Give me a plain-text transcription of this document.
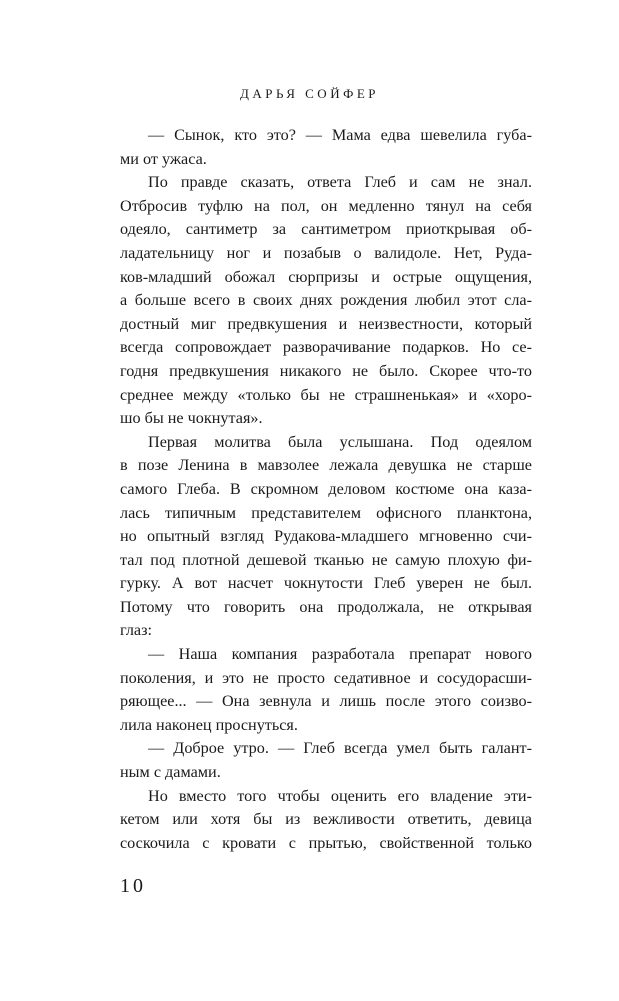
ДАРЬЯ СОЙФЕР
— Сынок, кто это? — Мама едва шевелила губа-
ми от ужаса.
По правде сказать, ответа Глеб и сам не знал.
Отбросив туфлю на пол, он медленно тянул на себя
одеяло, сантиметр за сантиметром приоткрывая об-
ладательницу ног и позабыв о валидоле. Нет, Руда-
ков-младший обожал сюрпризы и острые ощущения,
а больше всего в своих днях рождения любил этот сла-
достный миг предвкушения и неизвестности, который
всегда сопровождает разворачивание подарков. Но се-
годня предвкушения никакого не было. Скорее что-то
среднее между «только бы не страшненькая» и «хоро-
шо бы не чокнутая».
Первая молитва была услышана. Под одеялом
в позе Ленина в мавзолее лежала девушка не старше
самого Глеба. В скромном деловом костюме она каза-
лась типичным представителем офисного планктона,
но опытный взгляд Рудакова-младшего мгновенно счи-
тал под плотной дешевой тканью не самую плохую фи-
гурку. А вот насчет чокнутости Глеб уверен не был.
Потому что говорить она продолжала, не открывая
глаз:
— Наша компания разработала препарат нового
поколения, и это не просто седативное и сосудорасши-
ряющее... — Она зевнула и лишь после этого соизво-
лила наконец проснуться.
— Доброе утро. — Глеб всегда умел быть галант-
ным с дамами.
Но вместо того чтобы оценить его владение эти-
кетом или хотя бы из вежливости ответить, девица
соскочила с кровати с прытью, свойственной только
10
